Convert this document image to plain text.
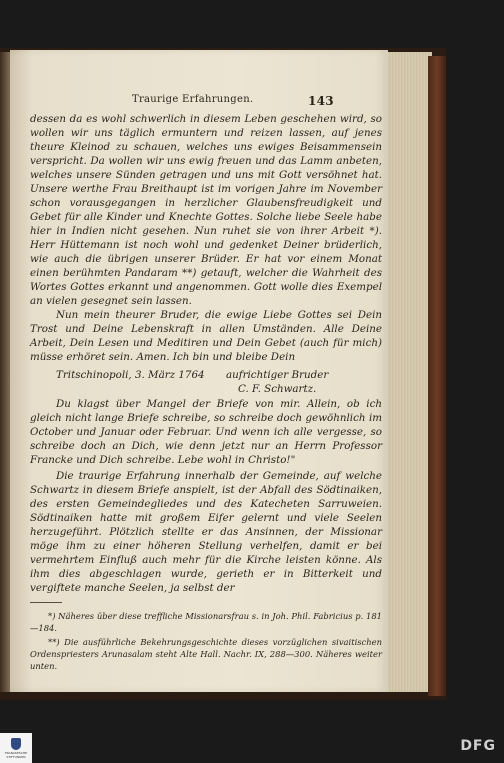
Traurige Erfahrungen.	143

dessen da es wohl schwerlich in diesem Leben geschehen wird, so wollen wir uns täglich ermuntern und reizen lassen, auf jenes theure Kleinod zu schauen, welches uns ewiges Beisammensein verspricht. Da wollen wir uns ewig freuen und das Lamm anbeten, welches unsere Sünden getragen und uns mit Gott versöhnet hat. Unsere werthe Frau Breithaupt ist im vorigen Jahre im November schon vorausgegangen in herzlicher Glaubensfreudigkeit und Gebet für alle Kinder und Knechte Gottes. Solche liebe Seele habe hier in Indien nicht gesehen. Nun ruhet sie von ihrer Arbeit *). Herr Hüttemann ist noch wohl und gedenket Deiner brüderlich, wie auch die übrigen unserer Brüder. Er hat vor einem Monat einen berühmten Pandaram **) getauft, welcher die Wahrheit des Wortes Gottes erkannt und angenommen. Gott wolle dies Exempel an vielen gesegnet sein lassen.

Nun mein theurer Bruder, die ewige Liebe Gottes sei Dein Trost und Deine Lebenskraft in allen Umständen. Alle Deine Arbeit, Dein Lesen und Meditiren und Dein Gebet (auch für mich) müsse erhöret sein. Amen. Ich bin und bleibe Dein

Tritschinopoli, 3. März 1764 aufrichtiger Bruder
C. F. Schwartz.

Du klagst über Mangel der Briefe von mir. Allein, ob ich gleich nicht lange Briefe schreibe, so schreibe doch gewöhnlich im October und Januar oder Februar. Und wenn ich alle vergesse, so schreibe doch an Dich, wie denn jetzt nur an Herrn Professor Francke und Dich schreibe. Lebe wohl in Christo!"

Die traurige Erfahrung innerhalb der Gemeinde, auf welche Schwartz in diesem Briefe anspielt, ist der Abfall des Södtinaiken, des ersten Gemeindegliedes und des Katecheten Sarruweien. Södtinaiken hatte mit großem Eifer gelernt und viele Seelen herzugeführt. Plötzlich stellte er das Ansinnen, der Missionar möge ihm zu einer höheren Stellung verhelfen, damit er bei vermehrtem Einfluß auch mehr für die Kirche leisten könne. Als ihm dies abgeschlagen wurde, gerieth er in Bitterkeit und vergiftete manche Seelen, ja selbst der

*) Näheres über diese treffliche Missionarsfrau s. in Joh. Phil. Fabricius p. 181—184.

**) Die ausführliche Bekehrungsgeschichte dieses vorzüglichen sivaitischen Ordenspriesters Arunasalam steht Alte Hall. Nachr. IX, 288—300. Näheres weiter unten.

FRANCKESCHE STIFTUNGEN
DFG
